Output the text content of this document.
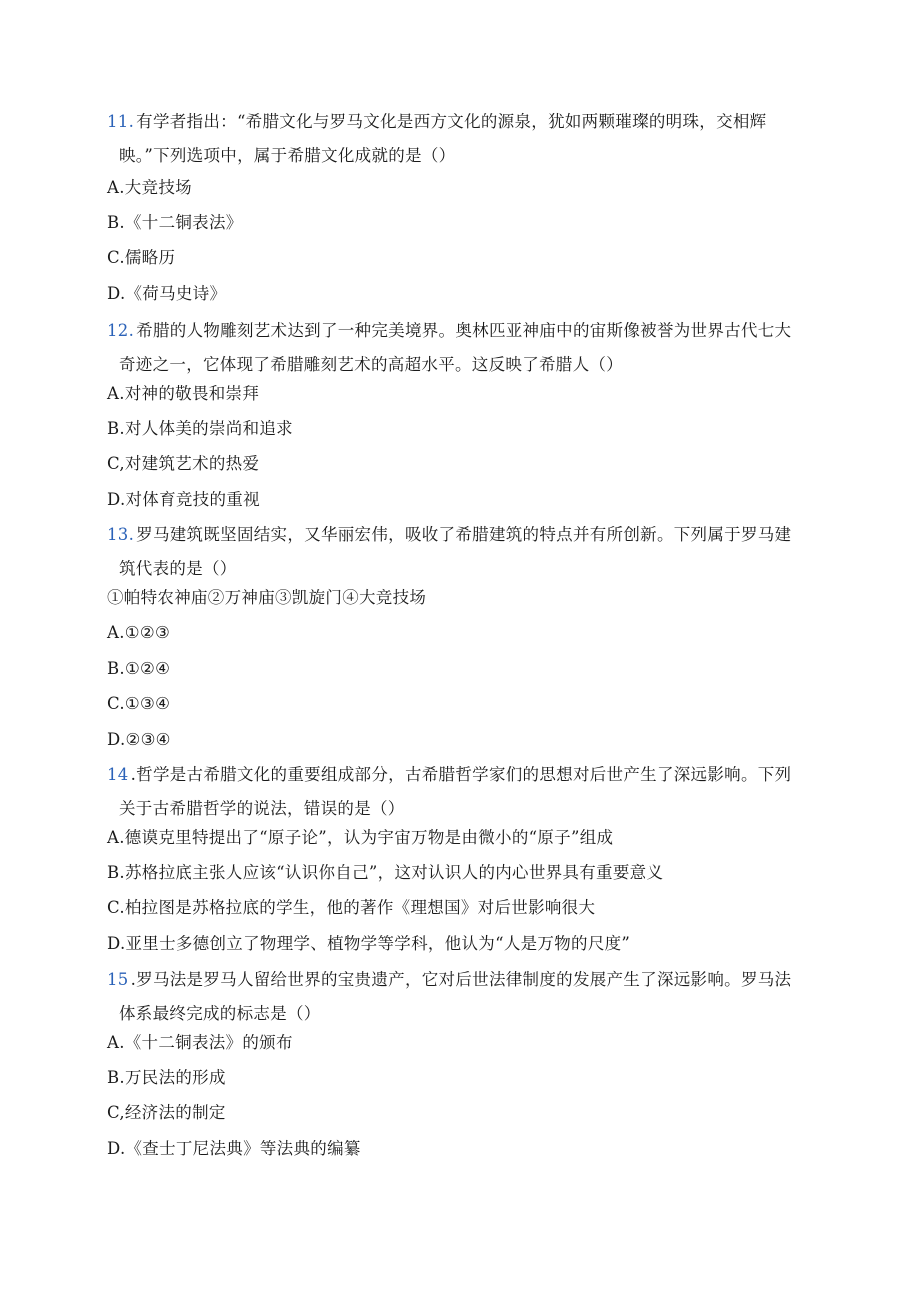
11. 有学者指出：“希腊文化与罗马文化是西方文化的源泉，犹如两颗璀璨的明珠，交相辉
映。”下列选项中，属于希腊文化成就的是（）
A.大竞技场
B.《十二铜表法》
C.儒略历
D.《荷马史诗》
12. 希腊的人物雕刻艺术达到了一种完美境界。奥林匹亚神庙中的宙斯像被誉为世界古代七大
奇迹之一，它体现了希腊雕刻艺术的高超水平。这反映了希腊人（）
A.对神的敬畏和崇拜
B.对人体美的崇尚和追求
C,对建筑艺术的热爱
D.对体育竞技的重视
13. 罗马建筑既坚固结实，又华丽宏伟，吸收了希腊建筑的特点并有所创新。下列属于罗马建
筑代表的是（）
①帕特农神庙②万神庙③凯旋门④大竞技场
A.①②③
B.①②④
C.①③④
D.②③④
14 .哲学是古希腊文化的重要组成部分，古希腊哲学家们的思想对后世产生了深远影响。下列
关于古希腊哲学的说法，错误的是（）
A.德谟克里特提出了“原子论”，认为宇宙万物是由微小的“原子”组成
B.苏格拉底主张人应该“认识你自己”，这对认识人的内心世界具有重要意义
C.柏拉图是苏格拉底的学生，他的著作《理想国》对后世影响很大
D.亚里士多德创立了物理学、植物学等学科，他认为“人是万物的尺度”
15 .罗马法是罗马人留给世界的宝贵遗产，它对后世法律制度的发展产生了深远影响。罗马法
体系最终完成的标志是（）
A.《十二铜表法》的颁布
B.万民法的形成
C,经济法的制定
D.《查士丁尼法典》等法典的编纂
